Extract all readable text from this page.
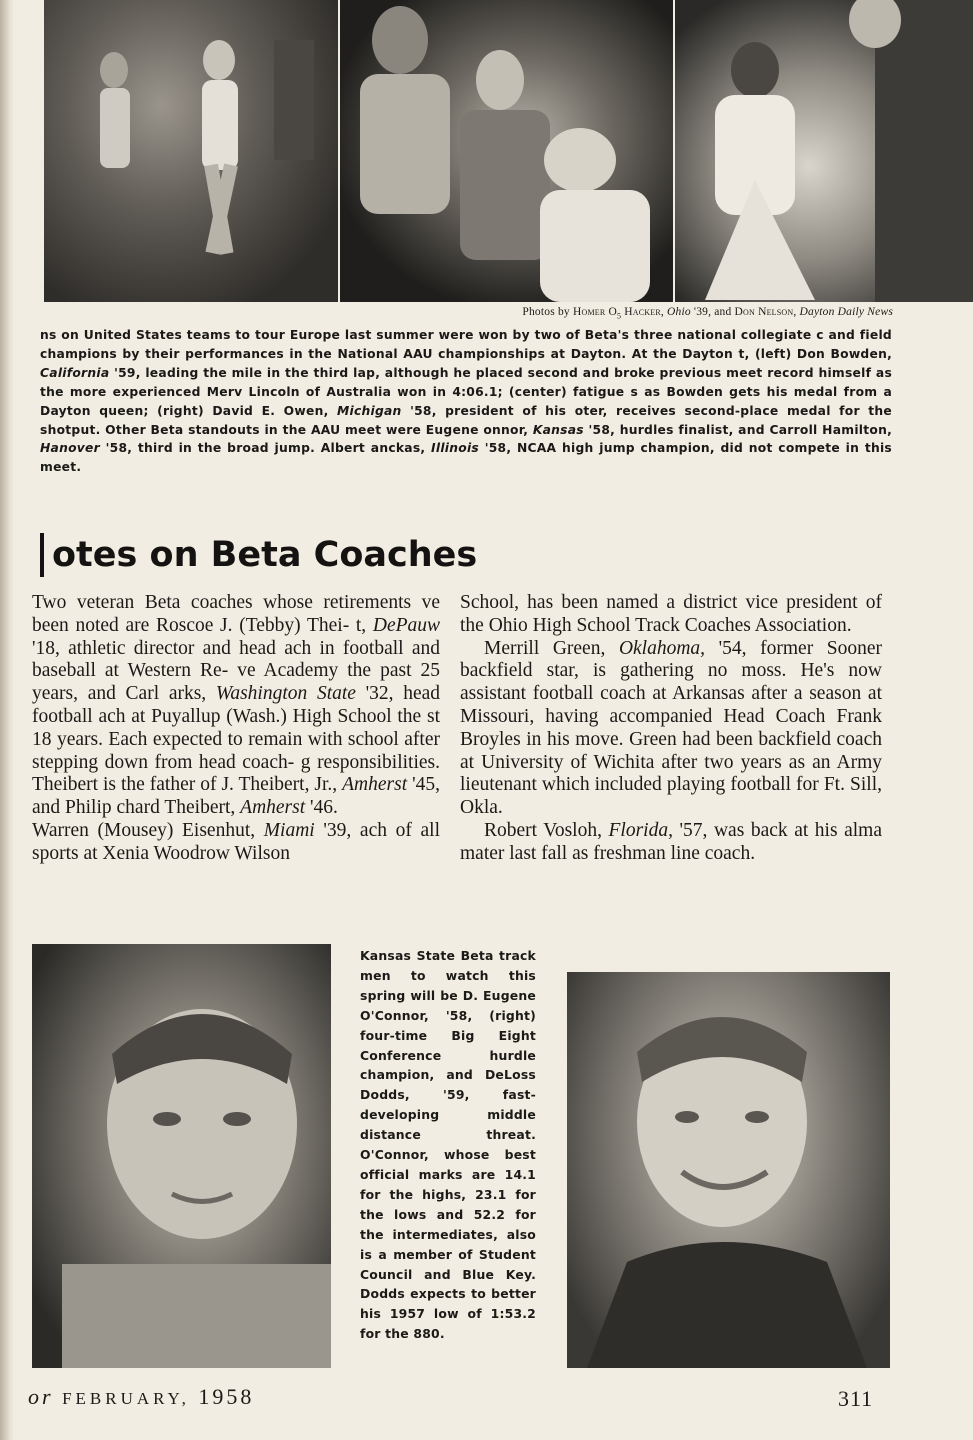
Photos by Homer $O_5$ Hacker, Ohio '39, and Don Nelson, Dayton Daily News
ns on United States teams to tour Europe last summer were won by two of Beta's three national collegiate c and field champions by their performances in the National AAU championships at Dayton. At the Dayton t, (left) Don Bowden, California '59, leading the mile in the third lap, although he placed second and broke previous meet record himself as the more experienced Merv Lincoln of Australia won in 4:06.1; (center) fatigue s as Bowden gets his medal from a Dayton queen; (right) David E. Owen, Michigan '58, president of his oter, receives second-place medal for the shotput. Other Beta standouts in the AAU meet were Eugene onnor, Kansas '58, hurdles finalist, and Carroll Hamilton, Hanover '58, third in the broad jump. Albert anckas, Illinois '58, NCAA high jump champion, did not compete in this meet.
otes on Beta Coaches

Two veteran Beta coaches whose retirements ve been noted are Roscoe J. (Tebby) Thei- t, DePauw '18, athletic director and head ach in football and baseball at Western Re- ve Academy the past 25 years, and Carl arks, Washington State '32, head football ach at Puyallup (Wash.) High School the st 18 years. Each expected to remain with school after stepping down from head coach- g responsibilities. Theibert is the father of J. Theibert, Jr., Amherst '45, and Philip chard Theibert, Amherst '46.

Warren (Mousey) Eisenhut, Miami '39, ach of all sports at Xenia Woodrow Wilson

School, has been named a district vice president of the Ohio High School Track Coaches Association.

Merrill Green, Oklahoma, '54, former Sooner backfield star, is gathering no moss. He's now assistant football coach at Arkansas after a season at Missouri, having accompanied Head Coach Frank Broyles in his move. Green had been backfield coach at University of Wichita after two years as an Army lieutenant which included playing football for Ft. Sill, Okla.

Robert Vosloh, Florida, '57, was back at his alma mater last fall as freshman line coach.

Kansas State Beta track men to watch this spring will be D. Eugene O'Connor, '58, (right) four-time Big Eight Conference hurdle champion, and DeLoss Dodds, '59, fast-developing middle distance threat. O'Connor, whose best official marks are 14.1 for the highs, 23.1 for the lows and 52.2 for the intermediates, also is a member of Student Council and Blue Key. Dodds expects to better his 1957 low of 1:53.2 for the 880.
or FEBRUARY, 1958	311
